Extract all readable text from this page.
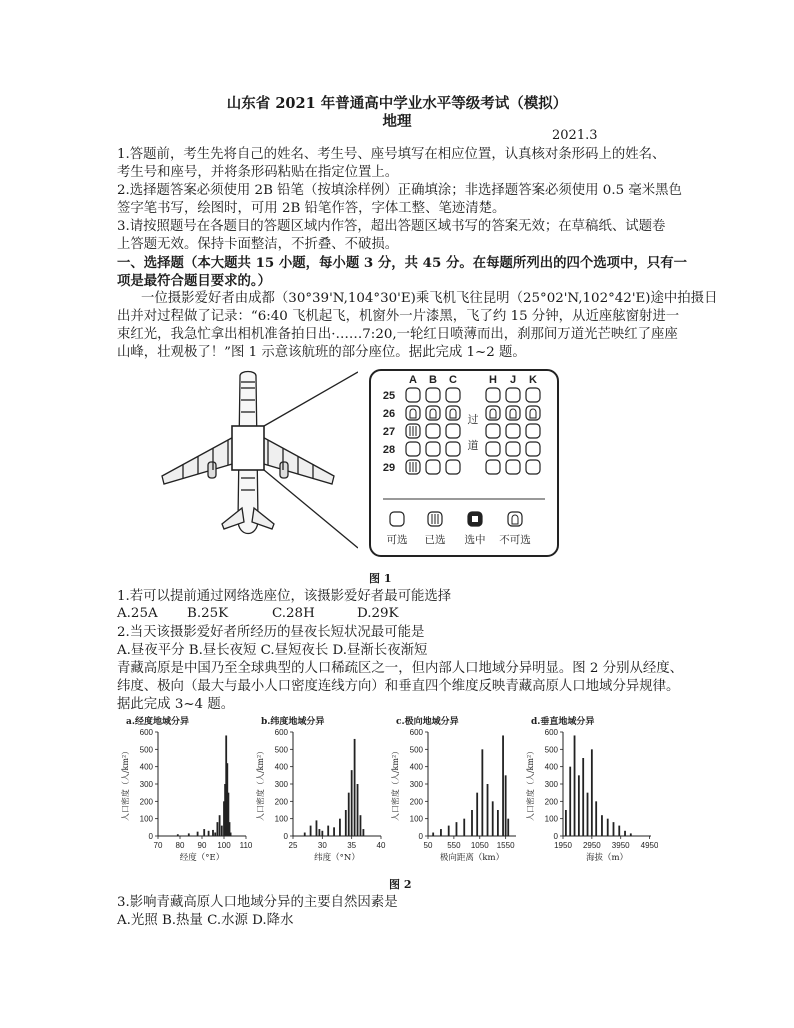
山东省 2021 年普通高中学业水平等级考试（模拟）
地理
2021.3
1.答题前，考生先将自己的姓名、考生号、座号填写在相应位置，认真核对条形码上的姓名、
考生号和座号，并将条形码粘贴在指定位置上。
2.选择题答案必须使用 2B 铅笔（按填涂样例）正确填涂；非选择题答案必须使用 0.5 毫米黑色
签字笔书写，绘图时，可用 2B 铅笔作答，字体工整、笔迹清楚。
3.请按照题号在各题目的答题区域内作答，超出答题区域书写的答案无效；在草稿纸、试题卷
上答题无效。保持卡面整洁，不折叠、不破损。
一、选择题（本大题共 15 小题，每小题 3 分，共 45 分。在每题所列出的四个选项中，只有一
项是最符合题目要求的。）
一位摄影爱好者由成都（30°39'N,104°30'E)乘飞机飞往昆明（25°02'N,102°42'E)途中拍摄日
出并对过程做了记录：“6:40 飞机起飞，机窗外一片漆黑，飞了约 15 分钟，从近座舷窗射进一
束红光，我急忙拿出相机准备拍日出·……7:20,一轮红日喷薄而出，刹那间万道光芒映红了座座
山峰，壮观极了！”图 1 示意该航班的部分座位。据此完成 1~2 题。
A B C	H J K
25
26
27
28
29
过
道
可选 已选 选中 不可选
图 1
1.若可以提前通过网络选座位，该摄影爱好者最可能选择
A.25A B.25K	C.28H	D.29K
2.当天该摄影爱好者所经历的昼夜长短状况最可能是
A.昼夜平分 B.昼长夜短 C.昼短夜长 D.昼渐长夜渐短
青藏高原是中国乃至全球典型的人口稀疏区之一，但内部人口地域分异明显。图 2 分别从经度、
纬度、极向（最大与最小人口密度连线方向）和垂直四个维度反映青藏高原人口地域分异规律。
据此完成 3~4 题。
a.经度地域分异
人口密度（人/km²）
0
100
200
300
400
500
600
70 80 90 100 110
经度（°E）
b.纬度地域分异
人口密度（人/km²）
0
100
200
300
400
500
600
25	30	35	40
纬度（°N）
c.极向地域分异
人口密度（人/km²）
0
100
200
300
400
500
600
50 550 1050 1550
极向距离（km）
d.垂直地域分异
人口密度（人/km²）
0
100
200
300
400
500
600
1950 2950 3950 4950
海拔（m）
图 2
3.影响青藏高原人口地域分异的主要自然因素是
A.光照 B.热量 C.水源 D.降水
